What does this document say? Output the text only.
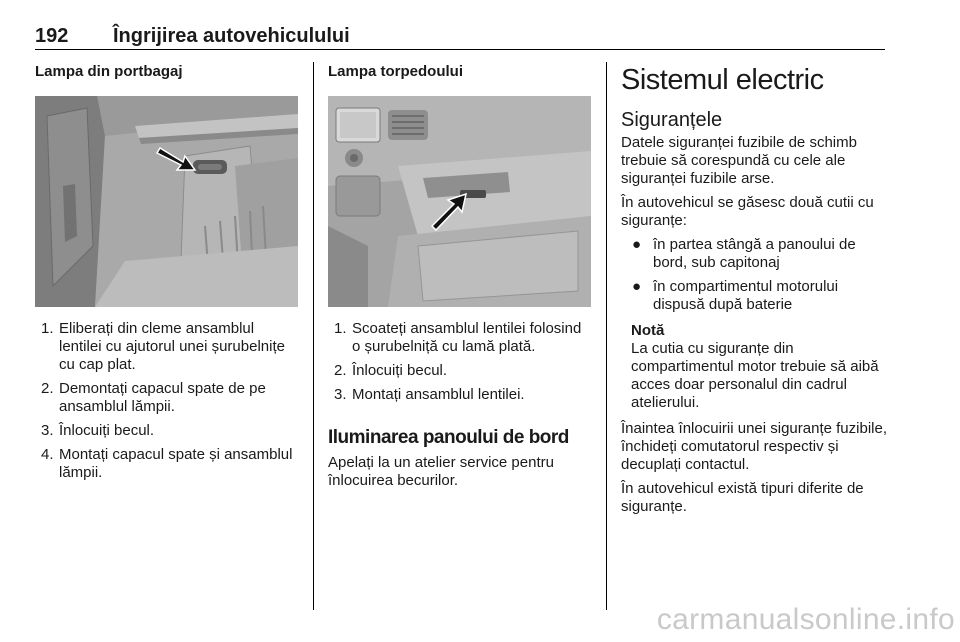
192 Îngrijirea autovehiculului
Lampa din portbagaj
1. Eliberați din cleme ansamblul lentilei cu ajutorul unei șurubelnițe cu cap plat.
2. Demontați capacul spate de pe ansamblul lămpii.
3. Înlocuiți becul.
4. Montați capacul spate și ansamblul lămpii.
Lampa torpedoului
1. Scoateți ansamblul lentilei folosind o șurubelniță cu lamă plată.
2. Înlocuiți becul.
3. Montați ansamblul lentilei.
Iluminarea panoului de bord

Apelați la un atelier service pentru înlocuirea becurilor.

Sistemul electric
Siguranțele

Datele siguranței fuzibile de schimb trebuie să corespundă cu cele ale siguranței fuzibile arse.

În autovehicul se găsesc două cutii cu siguranțe:

● în partea stângă a panoului de bord, sub capitonaj
● în compartimentul motorului dispusă după baterie
Notă
La cutia cu siguranțe din compartimentul motor trebuie să aibă acces doar personalul din cadrul atelierului.

Înaintea înlocuirii unei siguranțe fuzibile, închideți comutatorul respectiv și decuplați contactul.

În autovehicul există tipuri diferite de siguranțe.

carmanualsonline.info
